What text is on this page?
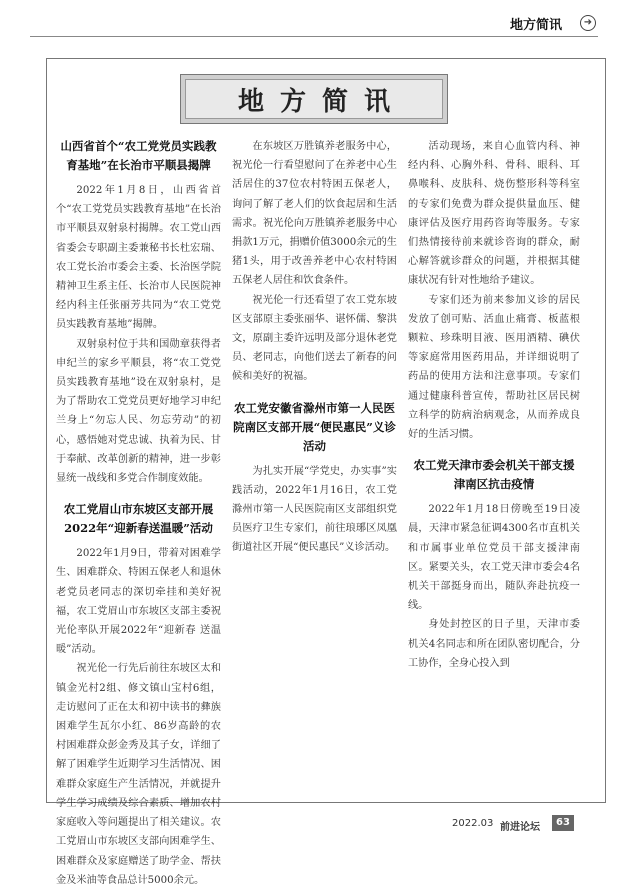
地方简讯	➜
地方简讯
山西省首个“农工党党员实践教育基地”在长治市平顺县揭牌

2022年1月8日，山西省首个“农工党党员实践教育基地”在长治市平顺县双射泉村揭牌。农工党山西省委会专职副主委兼秘书长杜宏瑞、农工党长治市委会主委、长治医学院精神卫生系主任、长治市人民医院神经内科主任张丽芳共同为“农工党党员实践教育基地”揭牌。

双射泉村位于共和国勋章获得者申纪兰的家乡平顺县，将“农工党党员实践教育基地”设在双射泉村，是为了帮助农工党党员更好地学习申纪兰身上“勿忘人民、勿忘劳动”的初心，感悟她对党忠诚、执着为民、甘于奉献、改革创新的精神，进一步彰显统一战线和多党合作制度效能。

农工党眉山市东坡区支部开展2022年“迎新春送温暖”活动

2022年1月9日，带着对困难学生、困难群众、特困五保老人和退休老党员老同志的深切牵挂和美好祝福，农工党眉山市东坡区支部主委祝光伦率队开展2022年“迎新春 送温暖”活动。

祝光伦一行先后前往东坡区太和镇金光村2组、修文镇山宝村6组，走访慰问了正在太和初中读书的彝族困难学生瓦尔小红、86岁高龄的农村困难群众彭金秀及其子女，详细了解了困难学生近期学习生活情况、困难群众家庭生产生活情况，并就提升学生学习成绩及综合素质、增加农村家庭收入等问题提出了相关建议。农工党眉山市东坡区支部向困难学生、困难群众及家庭赠送了助学金、帮扶金及米油等食品总计5000余元。

在东坡区万胜镇养老服务中心，祝光伦一行看望慰问了在养老中心生活居住的37位农村特困五保老人，询问了解了老人们的饮食起居和生活需求。祝光伦向万胜镇养老服务中心捐款1万元，捐赠价值3000余元的生猪1头，用于改善养老中心农村特困五保老人居住和饮食条件。

祝光伦一行还看望了农工党东坡区支部原主委张丽华、谌怀儒、黎洪文，原副主委许远明及部分退休老党员、老同志，向他们送去了新春的问候和美好的祝福。

农工党安徽省滁州市第一人民医院南区支部开展“便民惠民”义诊活动

为扎实开展“学党史，办实事”实践活动，2022年1月16日，农工党滁州市第一人民医院南区支部组织党员医疗卫生专家们，前往琅琊区凤凰街道社区开展“便民惠民”义诊活动。

活动现场，来自心血管内科、神经内科、心胸外科、骨科、眼科、耳鼻喉科、皮肤科、烧伤整形科等科室的专家们免费为群众提供量血压、健康评估及医疗用药咨询等服务。专家们热情接待前来就诊咨询的群众，耐心解答就诊群众的问题，并根据其健康状况有针对性地给予建议。

专家们还为前来参加义诊的居民发放了创可贴、活血止痛膏、板蓝根颗粒、珍珠明目液、医用酒精、碘伏等家庭常用医药用品，并详细说明了药品的使用方法和注意事项。专家们通过健康科普宣传，帮助社区居民树立科学的防病治病观念，从而养成良好的生活习惯。

农工党天津市委会机关干部支援津南区抗击疫情

2022年1月18日傍晚至19日凌晨，天津市紧急征调4300名市直机关和市属事业单位党员干部支援津南区。紧要关头，农工党天津市委会4名机关干部挺身而出，随队奔赴抗疫一线。

身处封控区的日子里，天津市委机关4名同志和所在团队密切配合，分工协作，全身心投入到

2022.03 前进论坛	63
